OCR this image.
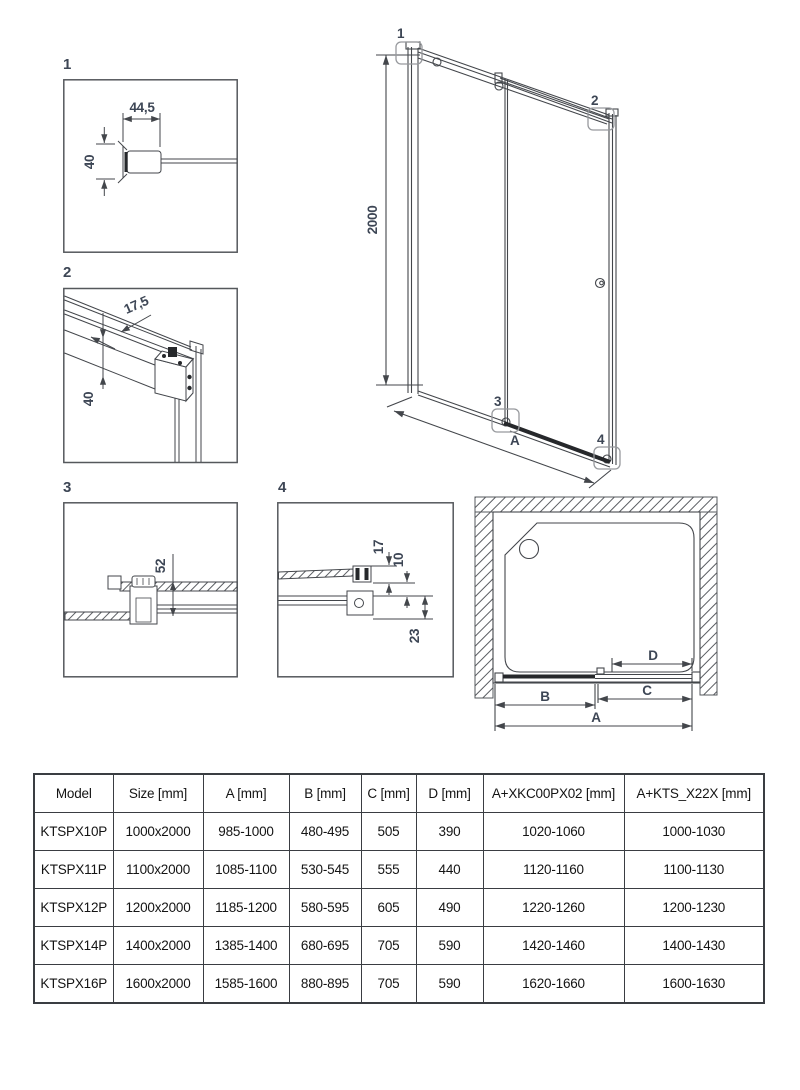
1
44,5
40
2
17,5
40
3
52
4
17
10
23
1
2
3
4
2000
A
D
B	C
A
Model	Size [mm]	A [mm]	B [mm]	C [mm]	D [mm]	A+XKC00PX02 [mm]	A+KTS_X22X [mm]
KTSPX10P	1000x2000	985-1000	480-495	505	390	1020-1060	1000-1030
KTSPX11P	1100x2000	1085-1100	530-545	555	440	1120-1160	1100-1130
KTSPX12P	1200x2000	1185-1200	580-595	605	490	1220-1260	1200-1230
KTSPX14P	1400x2000	1385-1400	680-695	705	590	1420-1460	1400-1430
KTSPX16P	1600x2000	1585-1600	880-895	705	590	1620-1660	1600-1630
